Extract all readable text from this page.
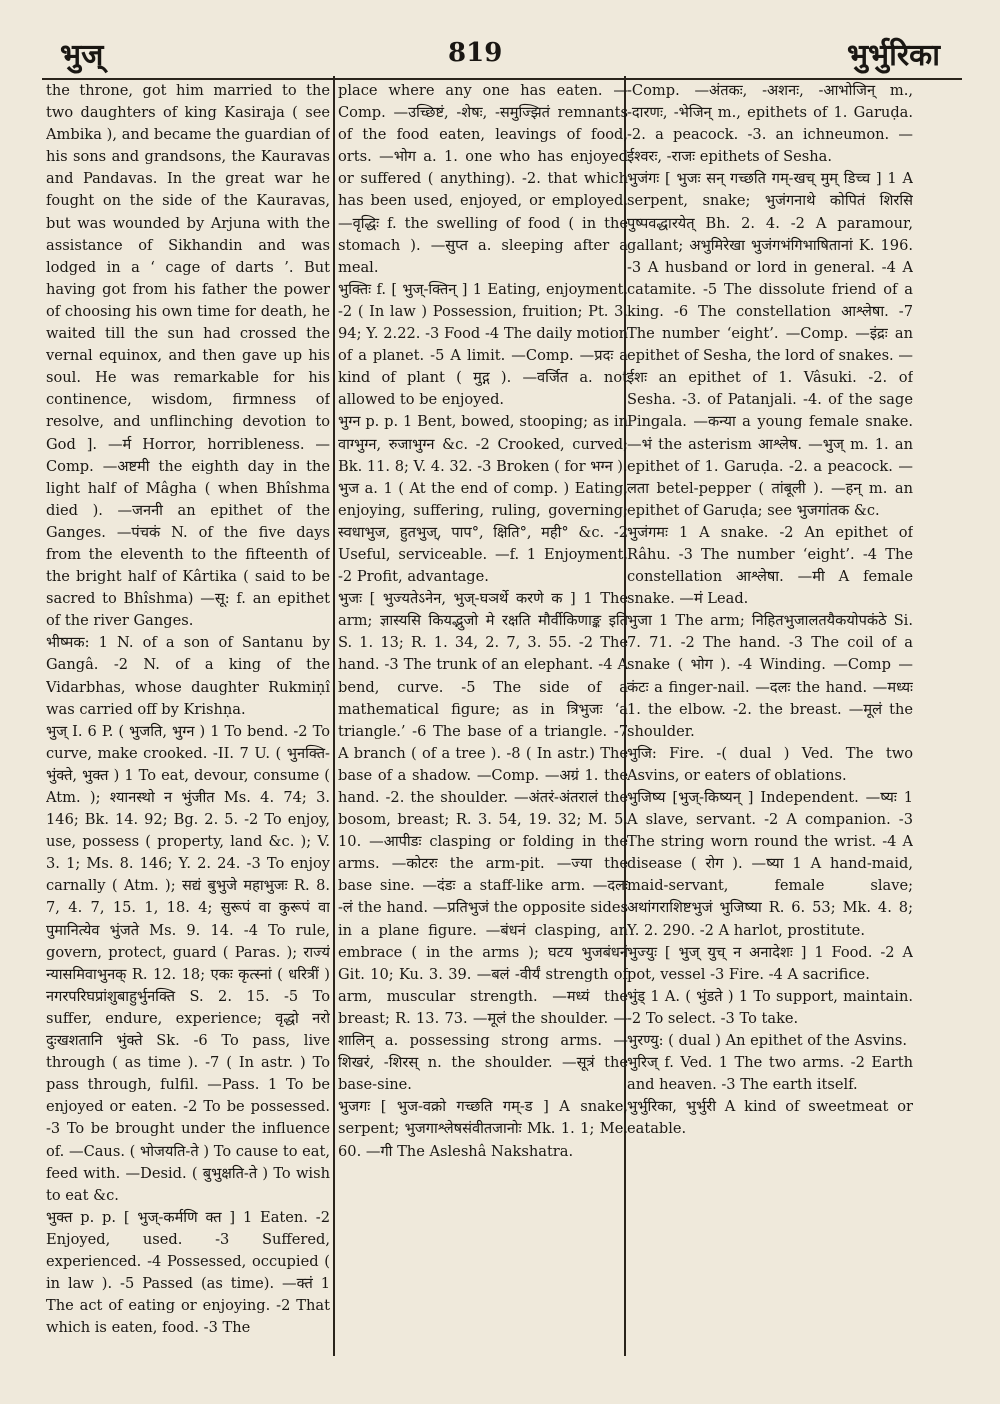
भुज्	819	भुर्भुरिका

the throne, got him married to the two daughters of king Kasiraja ( see Ambika ), and became the guardian of his sons and grandsons, the Kauravas and Pandavas. In the great war he fought on the side of the Kauravas, but was wounded by Arjuna with the assistance of Sikhandin and was lodged in a ‘ cage of darts ’. But having got from his father the power of choosing his own time for death, he waited till the sun had crossed the vernal equinox, and then gave up his soul. He was remarkable for his continence, wisdom, firmness of resolve, and unflinching devotion to God ]. —र्म Horror, horribleness. —Comp. —अष्टमी the eighth day in the light half of Mâgha ( when Bhîshma died ). —जननी an epithet of the Ganges. —पंचकं N. of the five days from the eleventh to the fifteenth of the bright half of Kârtika ( said to be sacred to Bhîshma) —सू: f. an epithet of the river Ganges.

भीष्मक: 1 N. of a son of Santanu by Gangâ. -2 N. of a king of the Vidarbhas, whose daughter Rukmiṇî was carried off by Krishṇa.

भुज् I. 6 P. ( भुजति, भुग्न ) 1 To bend. -2 To curve, make crooked. -II. 7 U. ( भुनक्ति-भुंक्ते, भुक्त ) 1 To eat, devour, consume ( Atm. ); श्यानस्थो न भुंजीत Ms. 4. 74; 3. 146; Bk. 14. 92; Bg. 2. 5. -2 To enjoy, use, possess ( property, land &c. ); V. 3. 1; Ms. 8. 146; Y. 2. 24. -3 To enjoy carnally ( Atm. ); सद्यं बुभुजे महाभुजः R. 8. 7, 4. 7, 15. 1, 18. 4; सुरूपं वा कुरूपं वा पुमानित्येव भुंजते Ms. 9. 14. -4 To rule, govern, protect, guard ( Paras. ); राज्यं न्यासमिवाभुनक् R. 12. 18; एकः कृत्स्नां ( धरित्रीं ) नगरपरिघप्रांशुबाहुर्भुनक्ति S. 2. 15. -5 To suffer, endure, experience; वृद्धो नरो दुःखशतानि भुंक्ते Sk. -6 To pass, live through ( as time ). -7 ( In astr. ) To pass through, fulfil. —Pass. 1 To be enjoyed or eaten. -2 To be possessed. -3 To be brought under the influence of. —Caus. ( भोजयति-ते ) To cause to eat, feed with. —Desid. ( बुभुक्षति-ते ) To wish to eat &c.

भुक्त p. p. [ भुज्-कर्मणि क्त ] 1 Eaten. -2 Enjoyed, used. -3 Suffered, experienced. -4 Possessed, occupied ( in law ). -5 Passed (as time). —क्तं 1 The act of eating or enjoying. -2 That which is eaten, food. -3 The

place where any one has eaten. —Comp. —उच्छिष्टं, -शेषः, -समुज्झितं remnants of the food eaten, leavings of food, orts. —भोग a. 1. one who has enjoyed or suffered ( anything). -2. that which has been used, enjoyed, or employed. —वृद्धिः f. the swelling of food ( in the stomach ). —सुप्त a. sleeping after a meal.

भुक्तिः f. [ भुज्-क्तिन् ] 1 Eating, enjoyment. -2 ( In law ) Possession, fruition; Pt. 3. 94; Y. 2.22. -3 Food -4 The daily motion of a planet. -5 A limit. —Comp. —प्रदः a kind of plant ( मुद्ग ). —वर्जित a. not allowed to be enjoyed.

भुग्न p. p. 1 Bent, bowed, stooping; as in वाग्भुग्न, रुजाभुग्न &c. -2 Crooked, curved; Bk. 11. 8; V. 4. 32. -3 Broken ( for भग्न ).

भुज a. 1 ( At the end of comp. ) Eating, enjoying, suffering, ruling, governing; स्वधाभुज, हुतभुज्, पाप°, क्षिति°, मही° &c. -2 Useful, serviceable. —f. 1 Enjoyment. -2 Profit, advantage.

भुजः [ भुज्यतेऽनेन, भुज्-घञर्थे करणे क ] 1 The arm; ज्ञास्यसि कियद्भुजो मे रक्षति मौर्वीकिणाङ्क इति S. 1. 13; R. 1. 34, 2. 7, 3. 55. -2 The hand. -3 The trunk of an elephant. -4 A bend, curve. -5 The side of a mathematical figure; as in त्रिभुजः ‘a triangle.’ -6 The base of a triangle. -7 A branch ( of a tree ). -8 ( In astr.) The base of a shadow. —Comp. —अग्रं 1. the hand. -2. the shoulder. —अंतरं-अंतरालं the bosom, breast; R. 3. 54, 19. 32; M. 5. 10. —आपीडः clasping or folding in the arms. —कोटरः the arm-pit. —ज्या the base sine. —दंडः a staff-like arm. —दलः -लं the hand. —प्रतिभुजं the opposite sides in a plane figure. —बंधनं clasping, an embrace ( in the arms ); घटय भुजबंधनं Git. 10; Ku. 3. 39. —बलं -वीर्यं strength of arm, muscular strength. —मध्यं the breast; R. 13. 73. —मूलं the shoulder. —शालिन् a. possessing strong arms. —शिखरं, -शिरस् n. the shoulder. —सूत्रं the base-sine.

भुजगः [ भुज-वक्रो गच्छति गम्-ड ] A snake, serpent; भुजगाश्लेषसंवीतजानोः Mk. 1. 1; Me. 60. —गी The Asleshâ Nakshatra.

-Comp. —अंतकः, -अशनः, -आभोजिन् m., -दारणः, -भेजिन् m., epithets of 1. Garuḍa. -2. a peacock. -3. an ichneumon. —ईश्वरः, -राजः epithets of Sesha.

भुजंगः [ भुजः सन् गच्छति गम्-खच् मुम् डिच्च ] 1 A serpent, snake; भुजंगनाथे कोपितं शिरसि पुष्पवद्धारयेत् Bh. 2. 4. -2 A paramour, gallant; अभुमिरेखा भुजंगभंगिभाषितानां K. 196. -3 A husband or lord in general. -4 A catamite. -5 The dissolute friend of a king. -6 The constellation आश्लेषा. -7 The number ‘eight’. —Comp. —इंद्रः an epithet of Sesha, the lord of snakes. —ईशः an epithet of 1. Vâsuki. -2. of Sesha. -3. of Patanjali. -4. of the sage Pingala. —कन्या a young female snake. —भं the asterism आश्लेष. —भुज् m. 1. an epithet of 1. Garuḍa. -2. a peacock. —लता betel-pepper ( तांबूली ). —हन् m. an epithet of Garuḍa; see भुजगांतक &c.

भुजंगमः 1 A snake. -2 An epithet of Râhu. -3 The number ‘eight’. -4 The constellation आश्लेषा. —मी A female snake. —मं Lead.

भुजा 1 The arm; निहितभुजालतयैकयोपकंठे Si. 7. 71. -2 The hand. -3 The coil of a snake ( भोग ). -4 Winding. —Comp —कंटः a finger-nail. —दलः the hand. —मध्यः 1. the elbow. -2. the breast. —मूलं the shoulder.

भुजि: Fire. -( dual ) Ved. The two Asvins, or eaters of oblations.

भुजिष्य [भुज्-किष्यन् ] Independent. —ष्यः 1 A slave, servant. -2 A companion. -3 The string worn round the wrist. -4 A disease ( रोग ). —ष्या 1 A hand-maid, maid-servant, female slave; अथांगराशिष्टभुजं भुजिष्या R. 6. 53; Mk. 4. 8; Y. 2. 290. -2 A harlot, prostitute.

भुज्युः [ भुज् युच् न अनादेशः ] 1 Food. -2 A pot, vessel -3 Fire. -4 A sacrifice.

भुंड् 1 A. ( भुंडते ) 1 To support, maintain. -2 To select. -3 To take.

भुरण्यु: ( dual ) An epithet of the Asvins.

भुरिज् f. Ved. 1 The two arms. -2 Earth and heaven. -3 The earth itself.

भुर्भुरिका, भुर्भुरी A kind of sweetmeat or eatable.
